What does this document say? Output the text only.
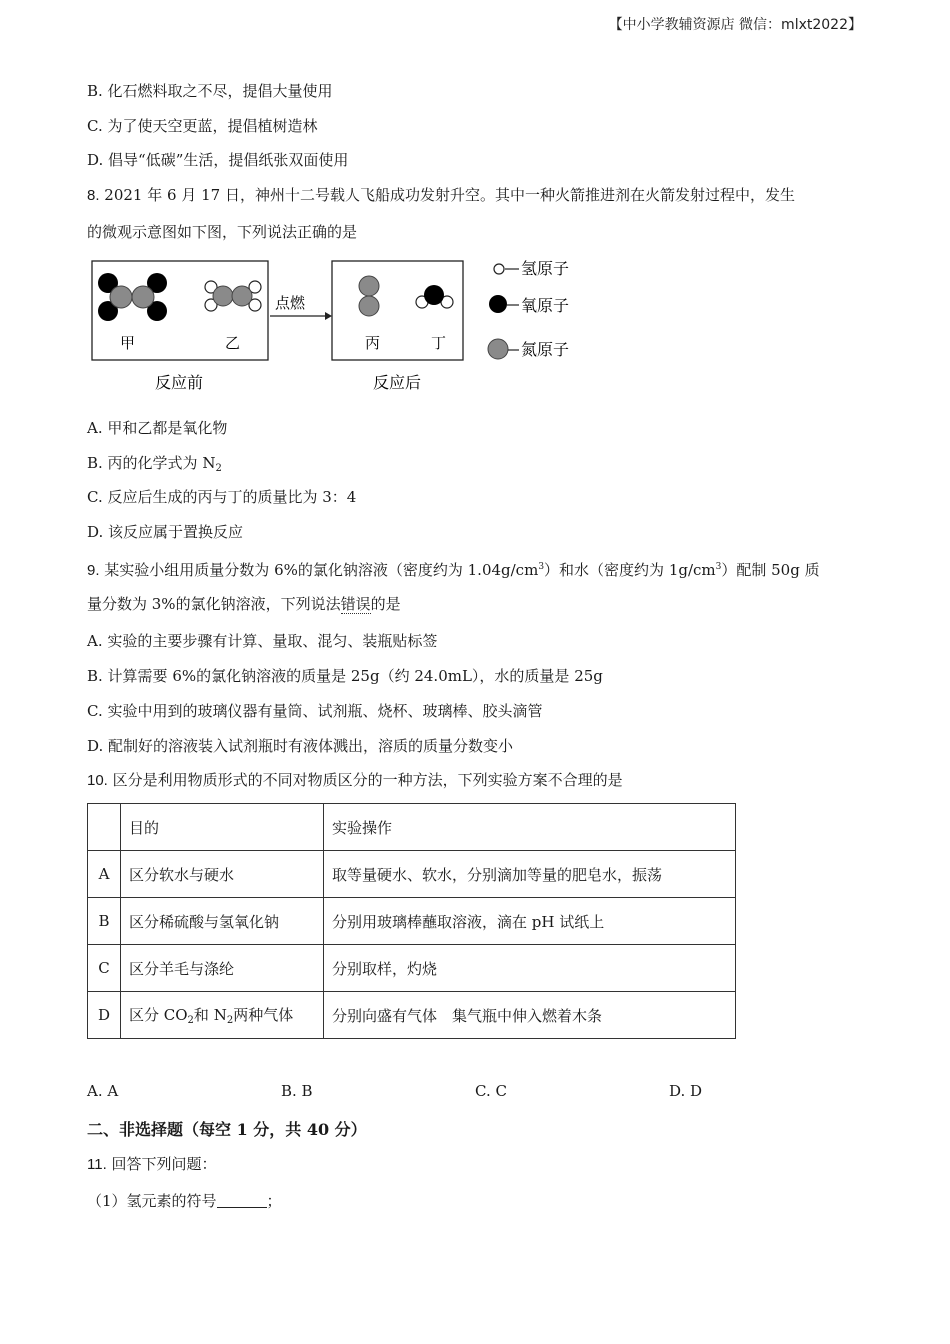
【中小学教辅资源店 微信：mlxt2022】
B. 化石燃料取之不尽，提倡大量使用
C. 为了使天空更蓝，提倡植树造林
D. 倡导“低碳”生活，提倡纸张双面使用
8. 2021 年 6 月 17 日，神州十二号载人飞船成功发射升空。其中一种火箭推进剂在火箭发射过程中，发生
的微观示意图如下图，下列说法正确的是
甲	乙
点燃
丙	丁
反应前	反应后
氢原子
氧原子
氮原子
A. 甲和乙都是氧化物
B. 丙的化学式为 $N_2$
C. 反应后生成的丙与丁的质量比为 3：4
D. 该反应属于置换反应
9. 某实验小组用质量分数为 6%的氯化钠溶液（密度约为 $1.04g/cm^3$）和水（密度约为 $1g/cm^3$）配制 50g 质
量分数为 3%的氯化钠溶液，下列说法错误的是
A. 实验的主要步骤有计算、量取、混匀、装瓶贴标签
B. 计算需要 6%的氯化钠溶液的质量是 25g（约 24.0mL），水的质量是 25g
C. 实验中用到的玻璃仪器有量筒、试剂瓶、烧杯、玻璃棒、胶头滴管
D. 配制好的溶液装入试剂瓶时有液体溅出，溶质的质量分数变小
10. 区分是利用物质形式的不同对物质区分的一种方法，下列实验方案不合理的是
	目的	实验操作
A	区分软水与硬水	取等量硬水、软水，分别滴加等量的肥皂水，振荡
B	区分稀硫酸与氢氧化钠	分别用玻璃棒蘸取溶液，滴在 pH 试纸上
C	区分羊毛与涤纶	分别取样，灼烧
D	区分 $CO_2$和 $N_2$两种气体	分别向盛有气体　集气瓶中伸入燃着木条
A. A	B. B	C. C	D. D
二、非选择题（每空 1 分，共 40 分）
11. 回答下列问题：
（1）氢元素的符号	；
